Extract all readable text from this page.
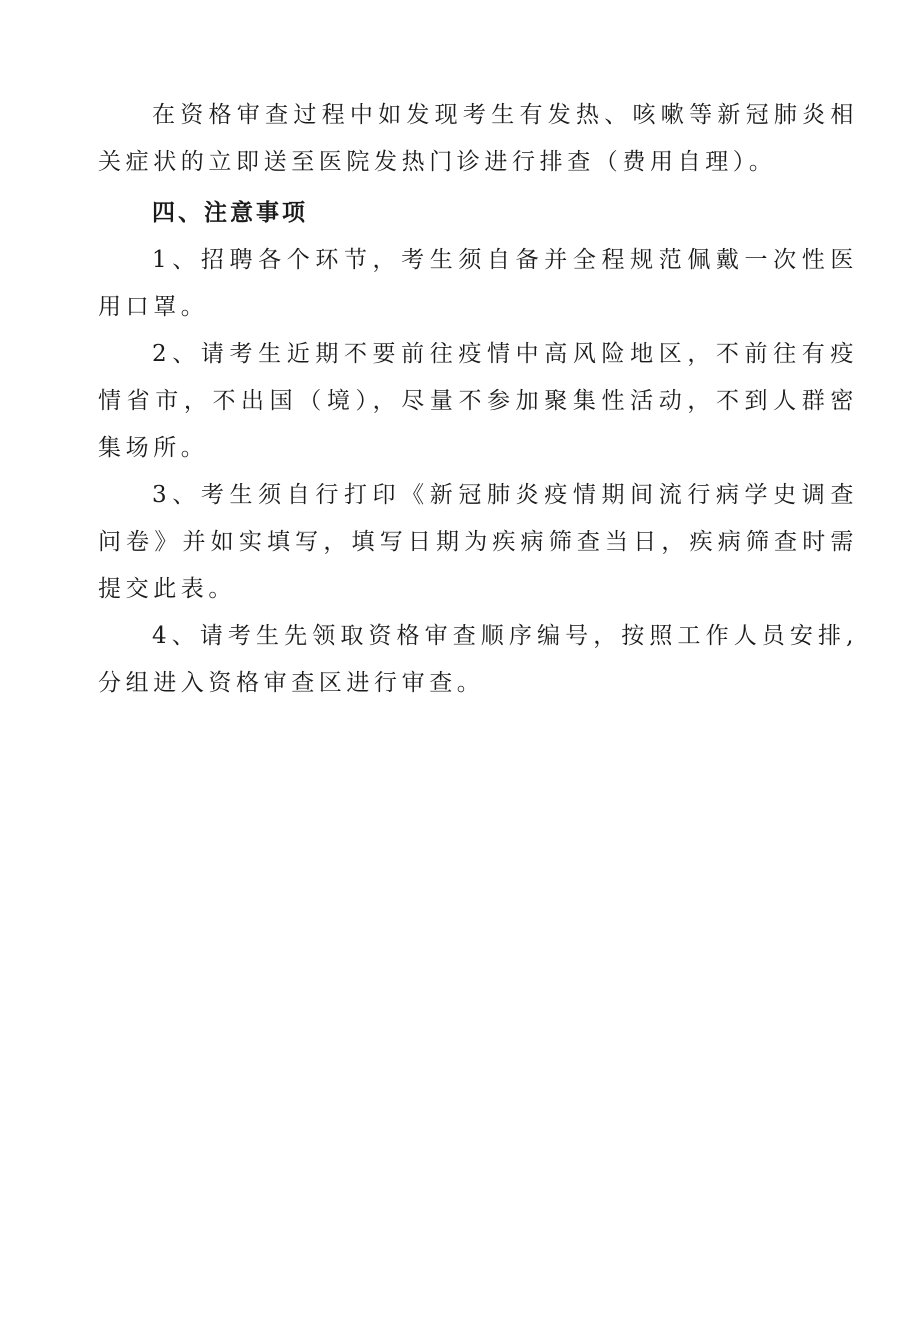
在资格审查过程中如发现考生有发热、咳嗽等新冠肺炎相关症状的立即送至医院发热门诊进行排查（费用自理）。

四、注意事项

1、招聘各个环节，考生须自备并全程规范佩戴一次性医用口罩。

2、请考生近期不要前往疫情中高风险地区，不前往有疫情省市，不出国（境），尽量不参加聚集性活动，不到人群密集场所。

3、考生须自行打印《新冠肺炎疫情期间流行病学史调查问卷》并如实填写，填写日期为疾病筛查当日，疾病筛查时需提交此表。

4、请考生先领取资格审查顺序编号，按照工作人员安排,分组进入资格审查区进行审查。
